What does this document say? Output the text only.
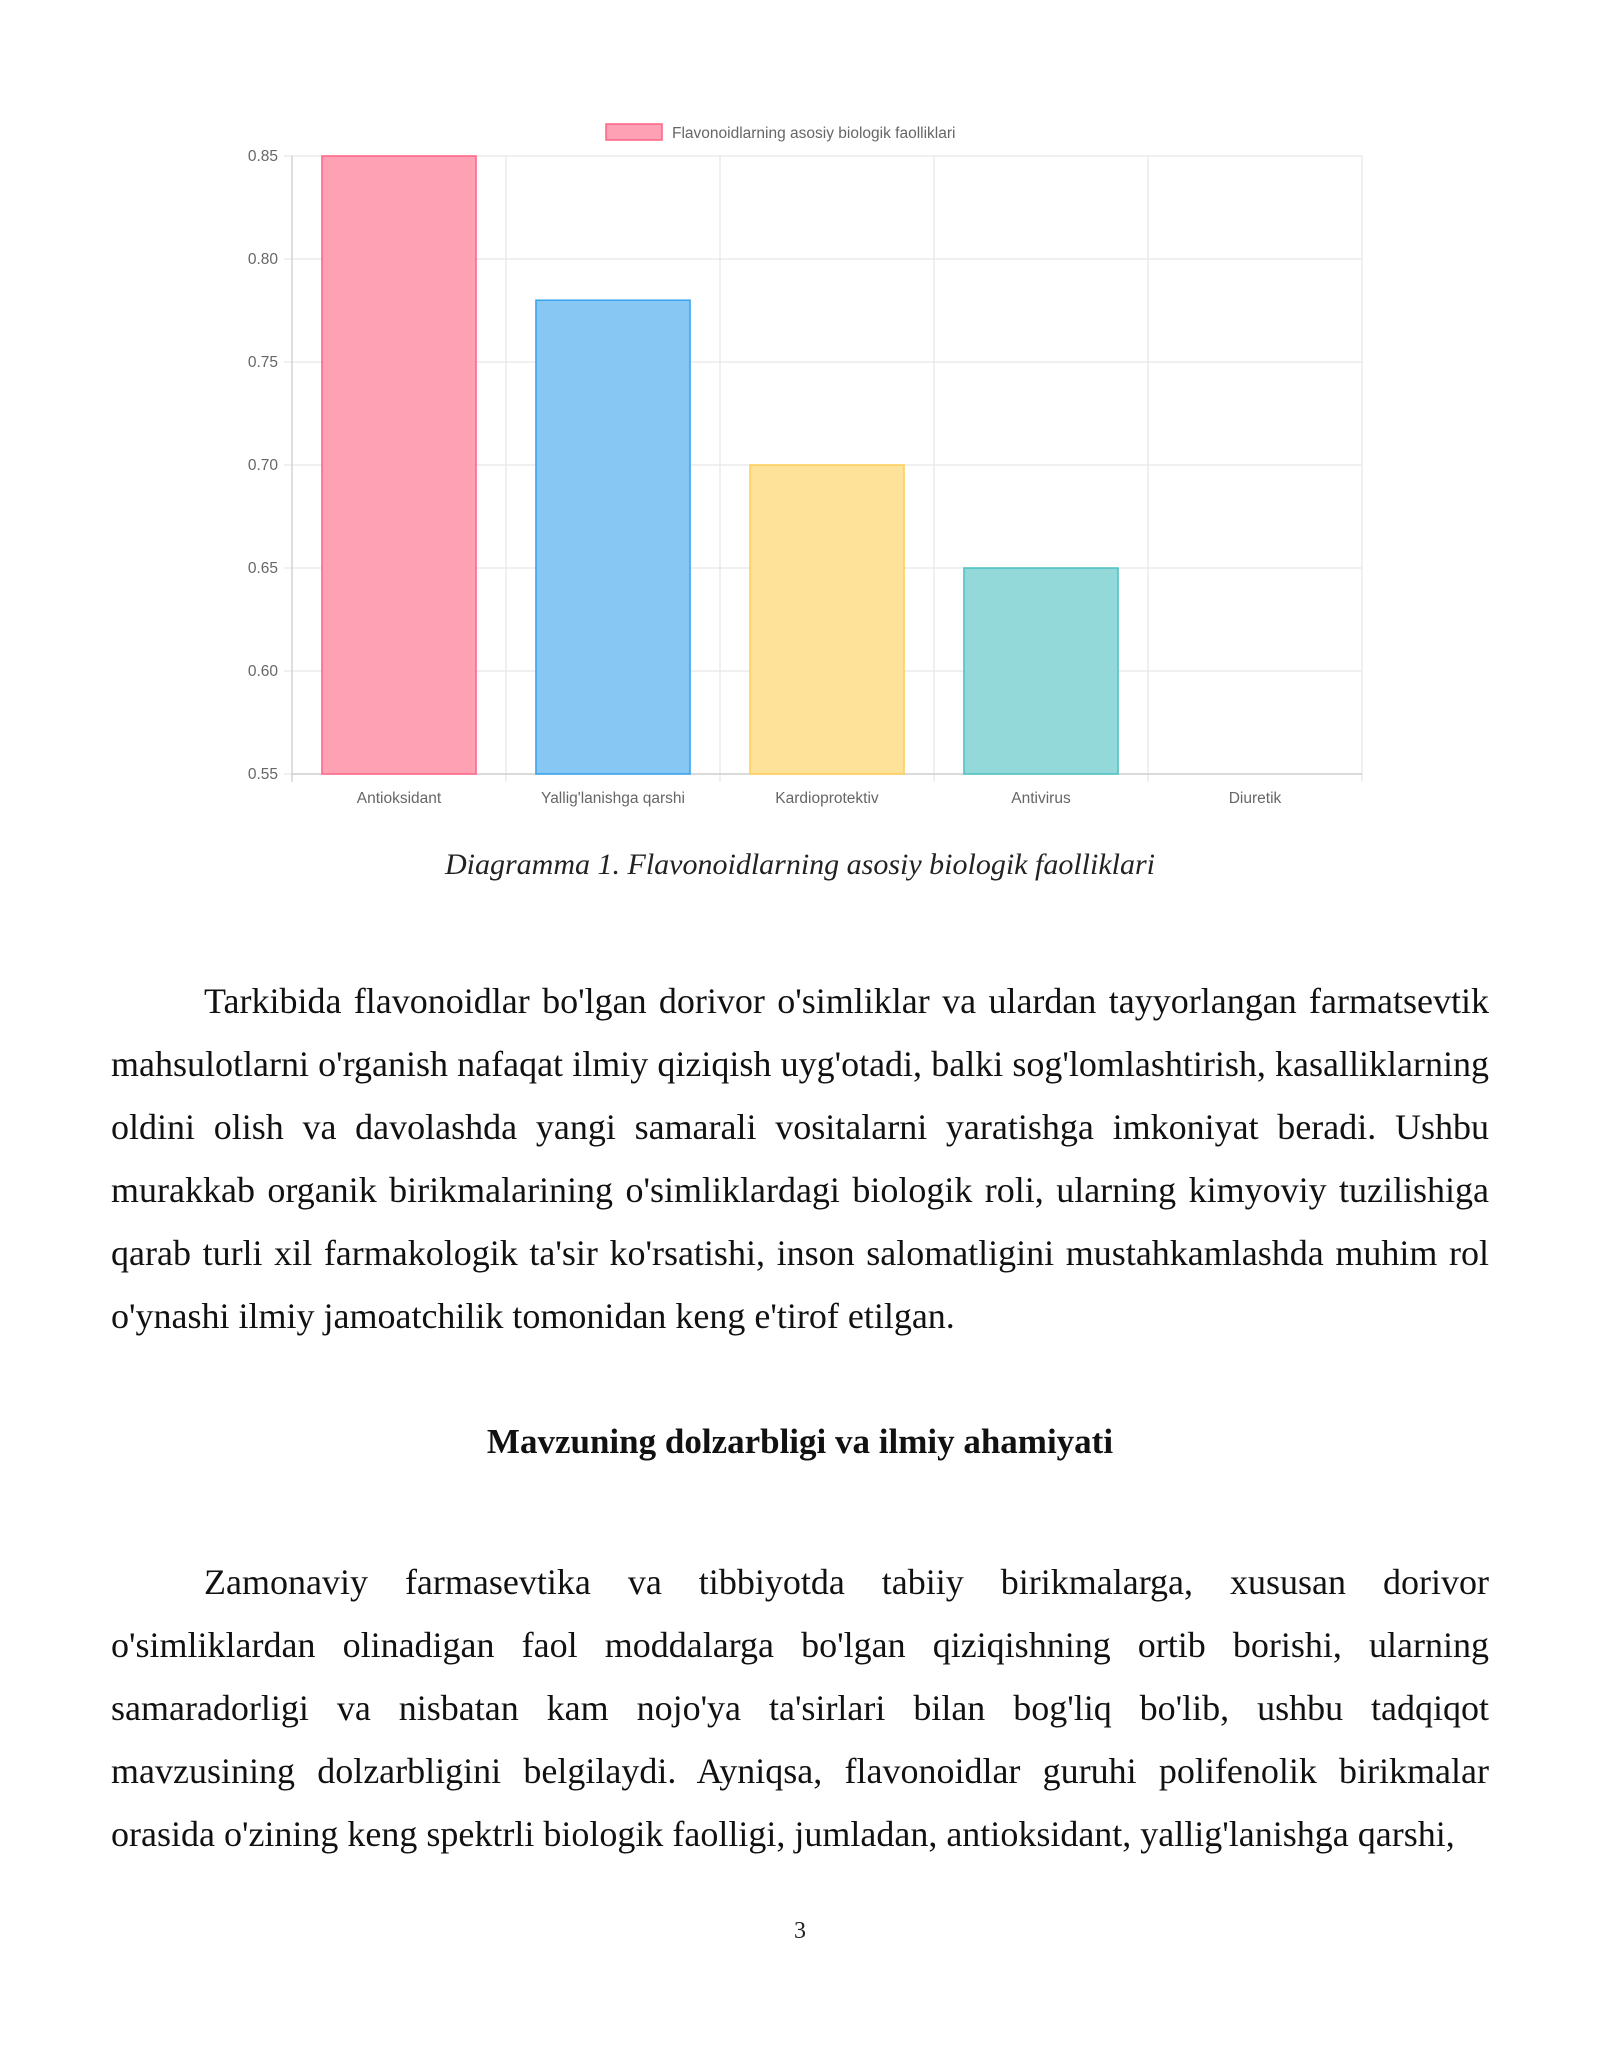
0.55
0.60
0.65
0.70
0.75
0.80
0.85
Antioksidant	Yallig'lanishga qarshi	Kardioprotektiv	Antivirus	Diuretik
Flavonoidlarning asosiy biologik faolliklari
Diagramma 1. Flavonoidlarning asosiy biologik faolliklari
Tarkibida flavonoidlar bo'lgan dorivor o'simliklar va ulardan tayyorlangan farmatsevtik mahsulotlarni o'rganish nafaqat ilmiy qiziqish uyg'otadi, balki sog'lomlashtirish, kasalliklarning oldini olish va davolashda yangi samarali vositalarni yaratishga imkoniyat beradi. Ushbu murakkab organik birikmalarining o'simliklardagi biologik roli, ularning kimyoviy tuzilishiga qarab turli xil farmakologik ta'sir ko'rsatishi, inson salomatligini mustahkamlashda muhim rol o'ynashi ilmiy jamoatchilik tomonidan keng e'tirof etilgan.
Mavzuning dolzarbligi va ilmiy ahamiyati
Zamonaviy farmasevtika va tibbiyotda tabiiy birikmalarga, xususan dorivor o'simliklardan olinadigan faol moddalarga bo'lgan qiziqishning ortib borishi, ularning samaradorligi va nisbatan kam nojo'ya ta'sirlari bilan bog'liq bo'lib, ushbu tadqiqot mavzusining dolzarbligini belgilaydi. Ayniqsa, flavonoidlar guruhi polifenolik birikmalar orasida o'zining keng spektrli biologik faolligi, jumladan, antioksidant, yallig'lanishga qarshi,
3
